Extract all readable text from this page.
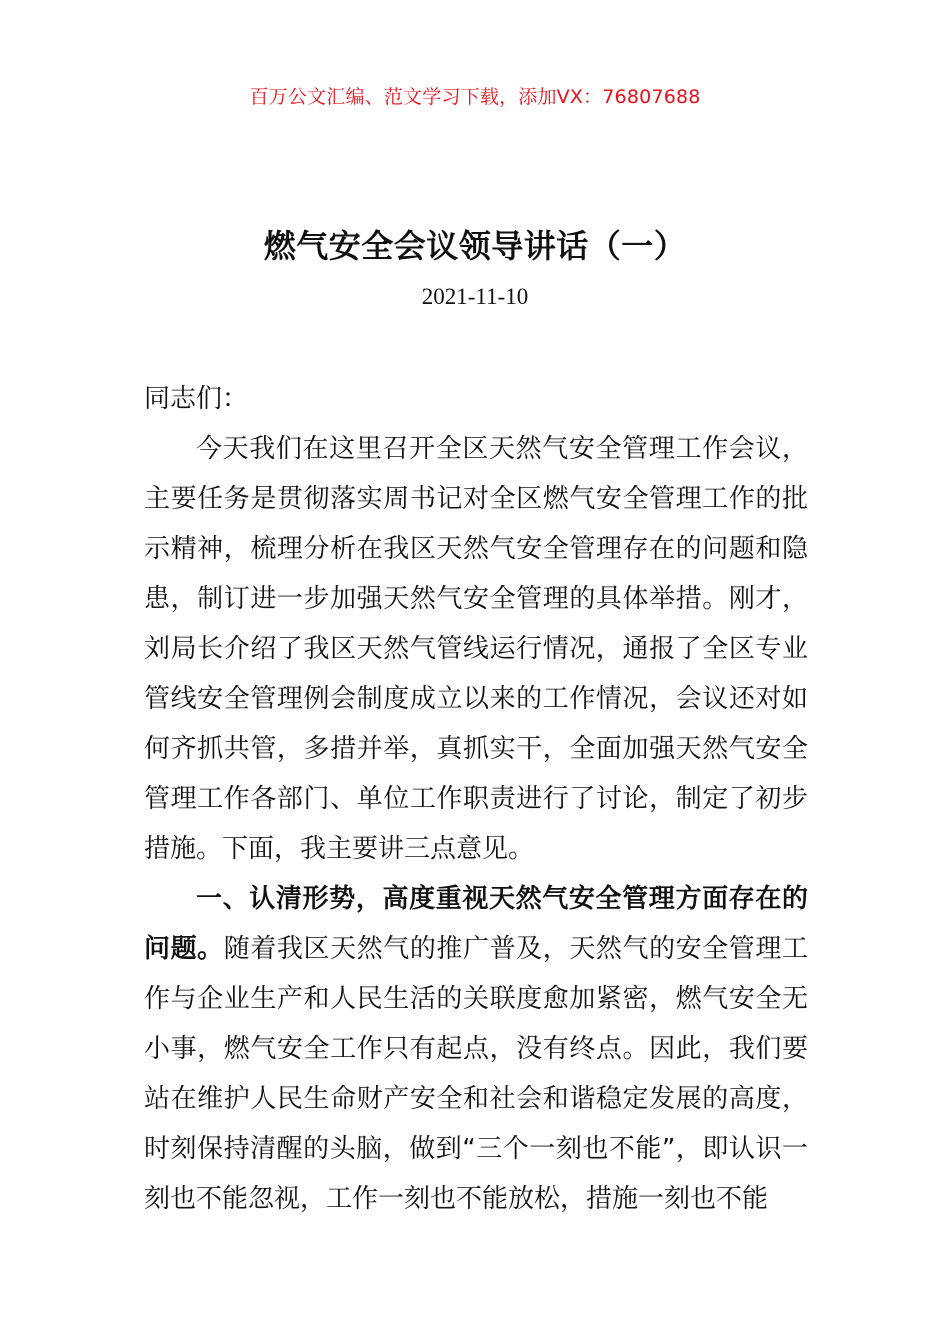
百万公文汇编、范文学习下载，添加VX：76807688
燃气安全会议领导讲话（一）
2021-11-10

同志们：

今天我们在这里召开全区天然气安全管理工作会议，主要任务是贯彻落实周书记对全区燃气安全管理工作的批示精神，梳理分析在我区天然气安全管理存在的问题和隐患，制订进一步加强天然气安全管理的具体举措。刚才，刘局长介绍了我区天然气管线运行情况，通报了全区专业管线安全管理例会制度成立以来的工作情况，会议还对如何齐抓共管，多措并举，真抓实干，全面加强天然气安全管理工作各部门、单位工作职责进行了讨论，制定了初步措施。下面，我主要讲三点意见。

一、认清形势，高度重视天然气安全管理方面存在的问题。随着我区天然气的推广普及，天然气的安全管理工作与企业生产和人民生活的关联度愈加紧密，燃气安全无小事，燃气安全工作只有起点，没有终点。因此，我们要站在维护人民生命财产安全和社会和谐稳定发展的高度，时刻保持清醒的头脑，做到“三个一刻也不能”，即认识一刻也不能忽视，工作一刻也不能放松，措施一刻也不能
